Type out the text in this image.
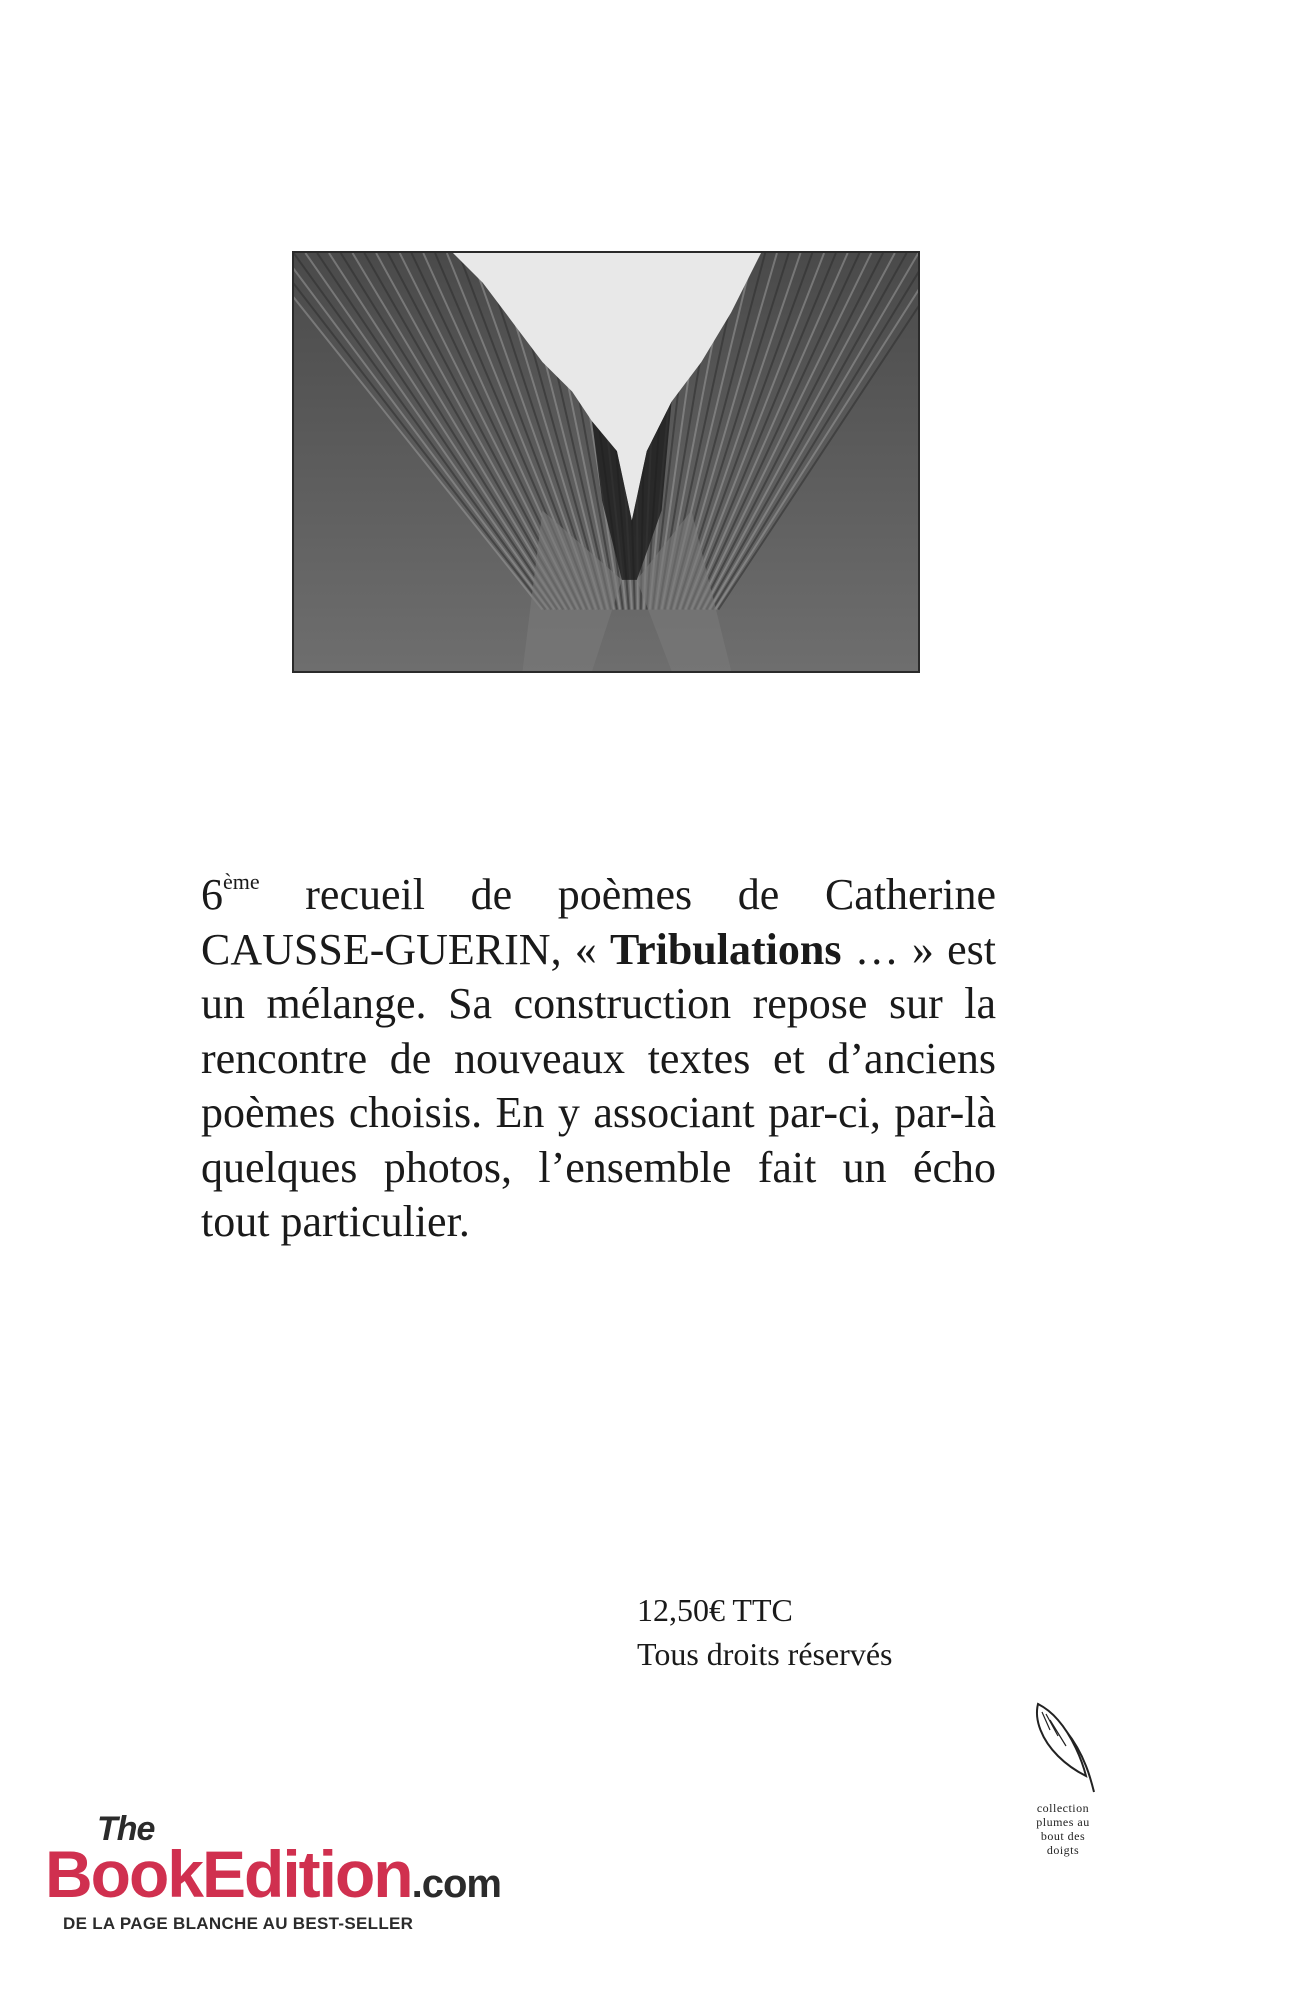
6ème recueil de poèmes de Catherine CAUSSE-GUERIN, « Tribulations … » est un mélange. Sa construction repose sur la rencontre de nouveaux textes et d’anciens poèmes choisis. En y associant par-ci, par-là quelques photos, l’ensemble fait un écho tout particulier.

12,50€ TTC
Tous droits réservés
collection plumes au bout des doigts
The
BookEdition.com
DE LA PAGE BLANCHE AU BEST-SELLER
